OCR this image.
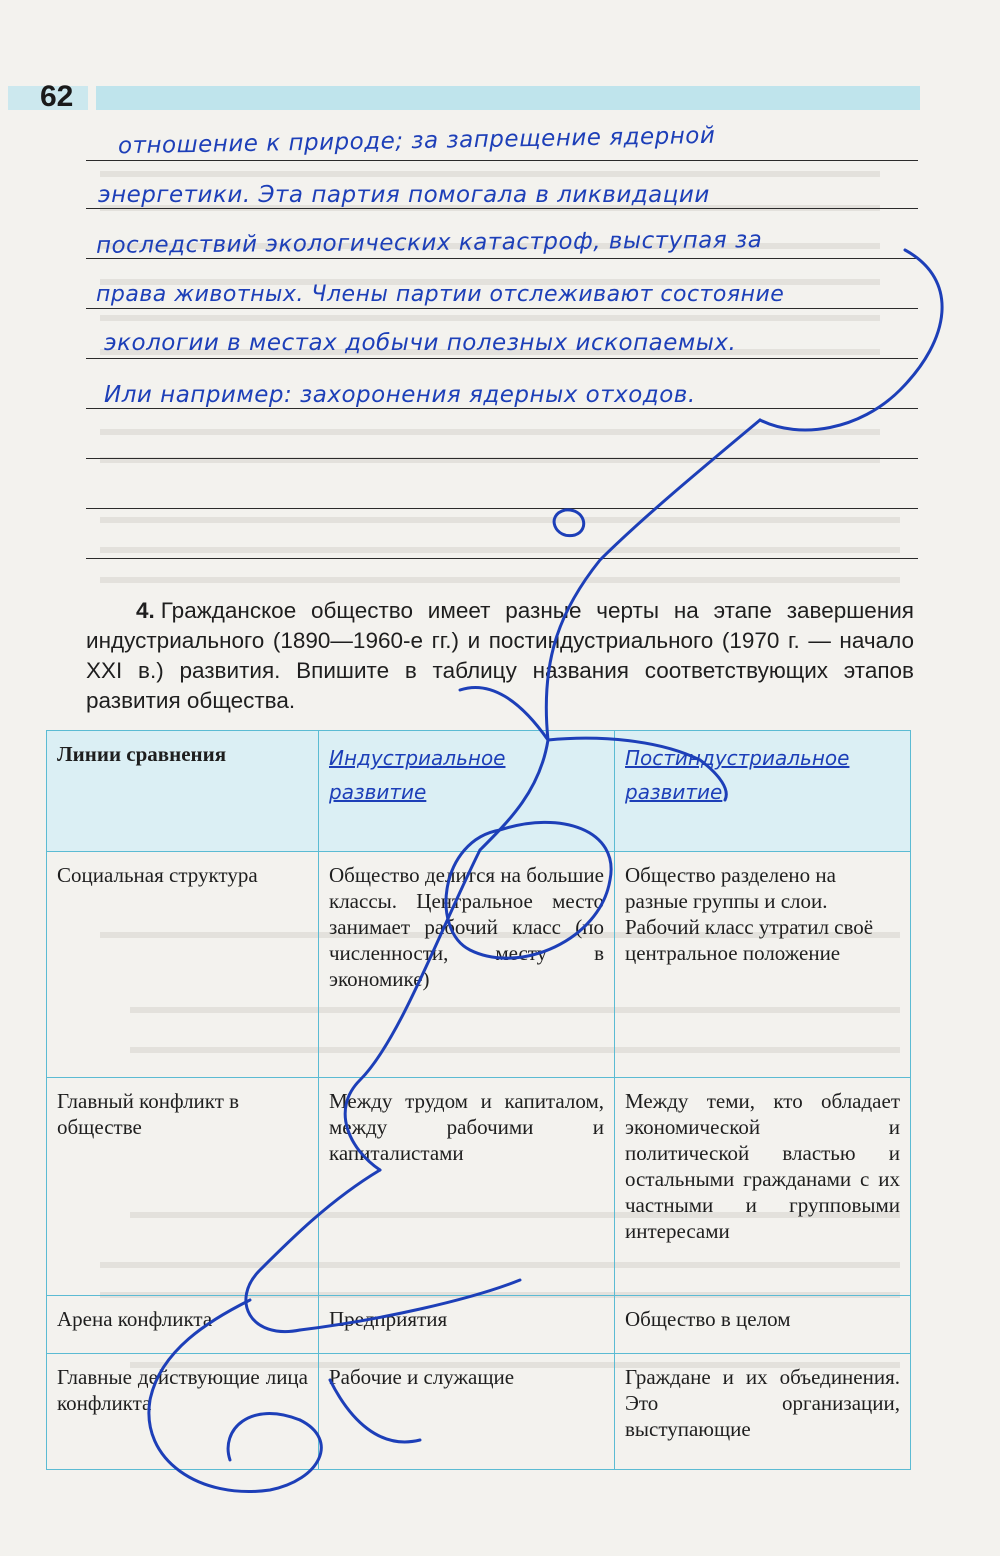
62
отношение к природе; за запрещение ядерной
энергетики. Эта партия помогала в ликвидации
последствий экологических катастроф, выступая за
права животных. Члены партии отслеживают состояние
экологии в местах добычи полезных ископаемых.
Или например: захоронения ядерных отходов.
4. Гражданское общество имеет разные черты на этапе завершения индустриального (1890—1960-е гг.) и постиндустриального (1970 г. — начало XXI в.) развития. Впишите в таблицу названия соответствующих этапов развития общества.
Линии сравнения	Индустриальное развитие	Постиндустриальное развитие
Социальная структура	Общество делится на большие классы. Центральное место занимает рабочий класс (по численности, месту в экономике)	Общество разделено на разные группы и слои. Рабочий класс утратил своё центральное положение
Главный конфликт в обществе	Между трудом и капиталом, между рабочими и капиталистами	Между теми, кто обладает экономической и политической властью и остальными гражданами с их частными и групповыми интересами
Арена конфликта	Предприятия	Общество в целом
Главные действующие лица конфликта	Рабочие и служащие	Граждане и их объединения. Это организации, выступающие
